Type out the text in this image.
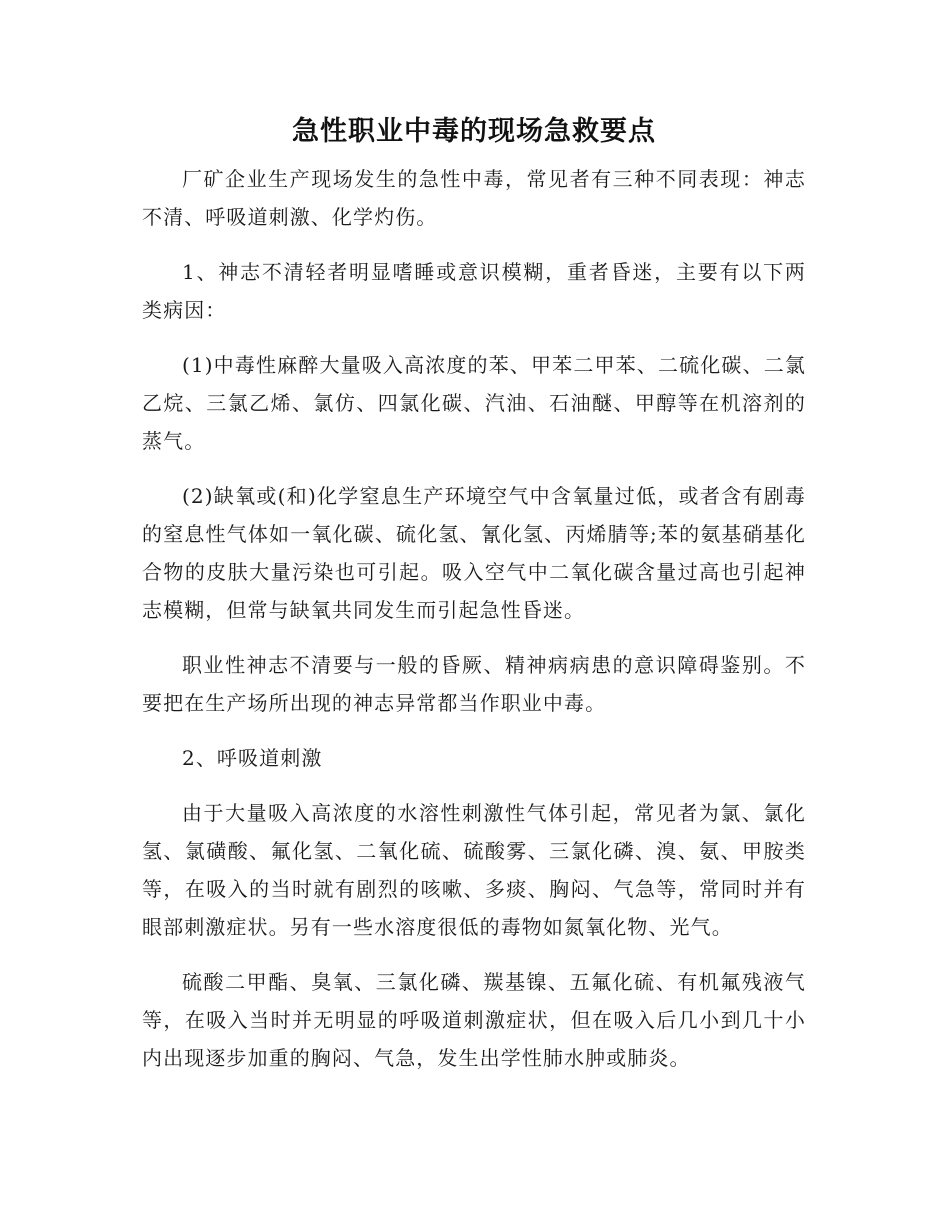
急性职业中毒的现场急救要点

厂矿企业生产现场发生的急性中毒，常见者有三种不同表现：神志不清、呼吸道刺激、化学灼伤。

1、神志不清轻者明显嗜睡或意识模糊，重者昏迷，主要有以下两类病因：

(1)中毒性麻醉大量吸入高浓度的苯、甲苯二甲苯、二硫化碳、二氯乙烷、三氯乙烯、氯仿、四氯化碳、汽油、石油醚、甲醇等在机溶剂的蒸气。

(2)缺氧或(和)化学窒息生产环境空气中含氧量过低，或者含有剧毒的窒息性气体如一氧化碳、硫化氢、氰化氢、丙烯腈等;苯的氨基硝基化合物的皮肤大量污染也可引起。吸入空气中二氧化碳含量过高也引起神志模糊，但常与缺氧共同发生而引起急性昏迷。

职业性神志不清要与一般的昏厥、精神病病患的意识障碍鉴别。不要把在生产场所出现的神志异常都当作职业中毒。

2、呼吸道刺激

由于大量吸入高浓度的水溶性刺激性气体引起，常见者为氯、氯化氢、氯磺酸、氟化氢、二氧化硫、硫酸雾、三氯化磷、溴、氨、甲胺类等，在吸入的当时就有剧烈的咳嗽、多痰、胸闷、气急等，常同时并有眼部刺激症状。另有一些水溶度很低的毒物如氮氧化物、光气。

硫酸二甲酯、臭氧、三氯化磷、羰基镍、五氟化硫、有机氟残液气等，在吸入当时并无明显的呼吸道刺激症状，但在吸入后几小到几十小内出现逐步加重的胸闷、气急，发生出学性肺水肿或肺炎。
